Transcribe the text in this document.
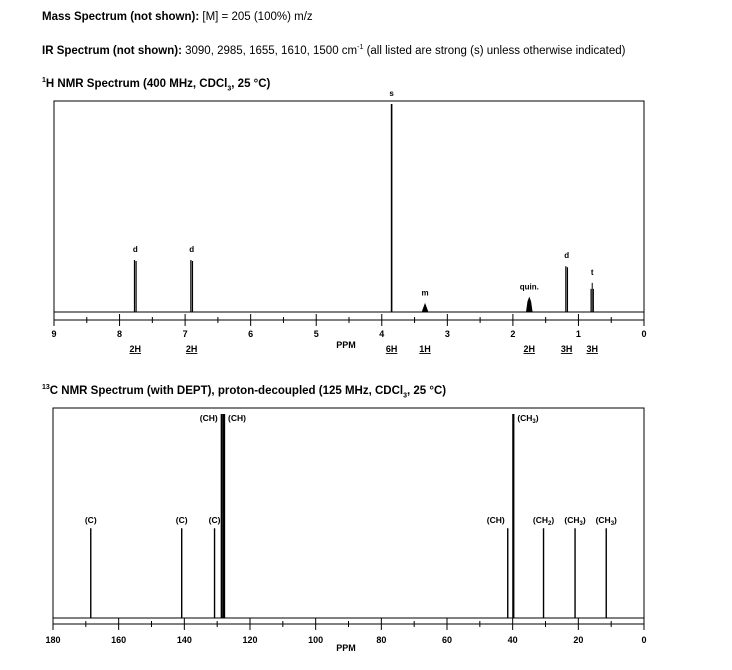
Mass Spectrum (not shown): [M] = 205 (100%) m/z
IR Spectrum (not shown): 3090, 2985, 1655, 1610, 1500 $cm^{-1}$ (all listed are strong (s) unless otherwise indicated)
$^1$H NMR Spectrum (400 MHz, CDCl$_3$, 25 °C)
$^{13}$C NMR Spectrum (with DEPT), proton-decoupled (125 MHz, CDCl$_3$, 25 °C)
9	8	7	6	5	4	3	2	1	0
PPM
d	d
s
m
quin.
d
t
2H	2H	6H 1H	2H	3H 3H
180	160	140	120	100	80	60	40	20	0
PPM
(C)	(C) (C)
(CH) (CH)
(CH)
$(CH_3)$
$(CH_2)$ $(CH_3)$ $(CH_3)$
